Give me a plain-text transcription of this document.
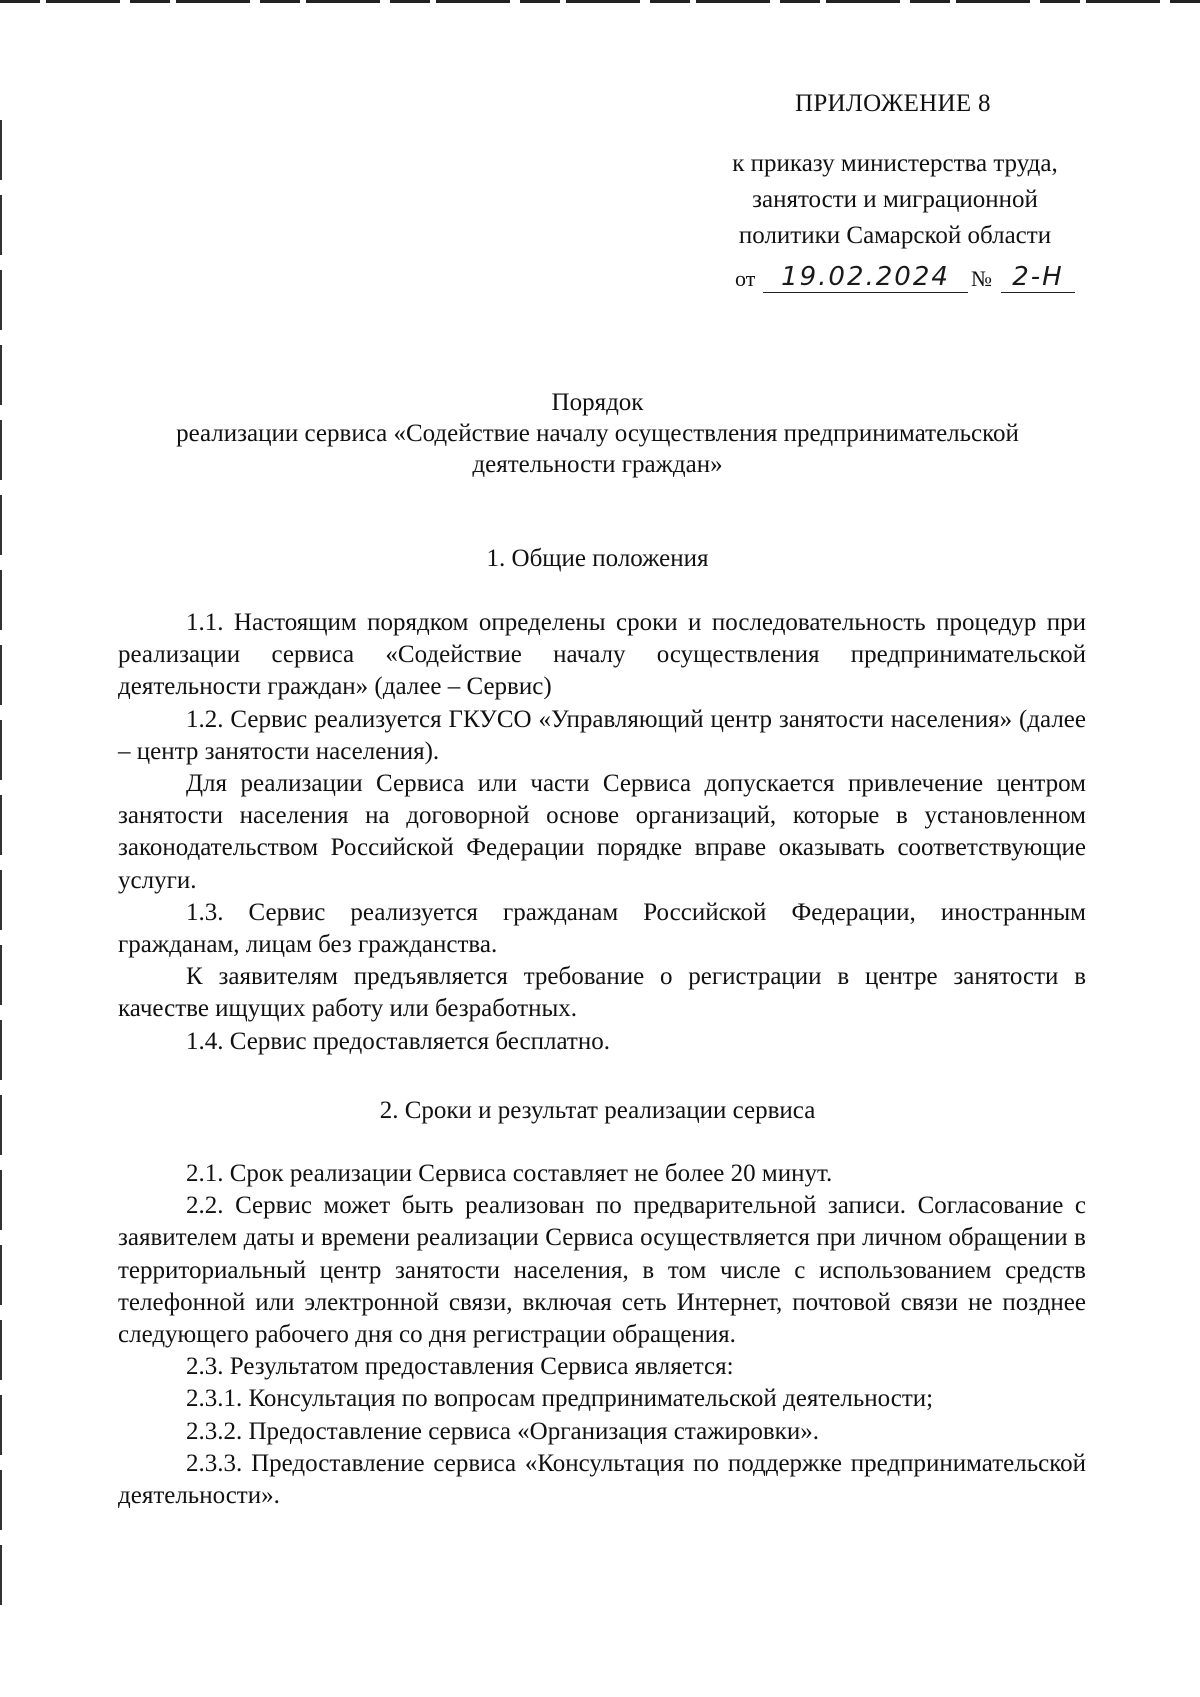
ПРИЛОЖЕНИЕ 8
к приказу министерства труда,
занятости и миграционной
политики Самарской области
от 19.02.2024 № 2-Н
Порядок
реализации сервиса «Содействие началу осуществления предпринимательской
деятельности граждан»
1. Общие положения

1.1. Настоящим порядком определены сроки и последовательность процедур при реализации сервиса «Содействие началу осуществления предпринимательской деятельности граждан» (далее – Сервис)

1.2. Сервис реализуется ГКУСО «Управляющий центр занятости населения» (далее – центр занятости населения).

Для реализации Сервиса или части Сервиса допускается привлечение центром занятости населения на договорной основе организаций, которые в установленном законодательством Российской Федерации порядке вправе оказывать соответствующие услуги.

1.3. Сервис реализуется гражданам Российской Федерации, иностранным гражданам, лицам без гражданства.

К заявителям предъявляется требование о регистрации в центре занятости в качестве ищущих работу или безработных.

1.4. Сервис предоставляется бесплатно.

2. Сроки и результат реализации сервиса

2.1. Срок реализации Сервиса составляет не более 20 минут.

2.2. Сервис может быть реализован по предварительной записи. Согласование с заявителем даты и времени реализации Сервиса осуществляется при личном обращении в территориальный центр занятости населения, в том числе с использованием средств телефонной или электронной связи, включая сеть Интернет, почтовой связи не позднее следующего рабочего дня со дня регистрации обращения.

2.3. Результатом предоставления Сервиса является:

2.3.1. Консультация по вопросам предпринимательской деятельности;

2.3.2. Предоставление сервиса «Организация стажировки».

2.3.3. Предоставление сервиса «Консультация по поддержке предпринимательской деятельности».
